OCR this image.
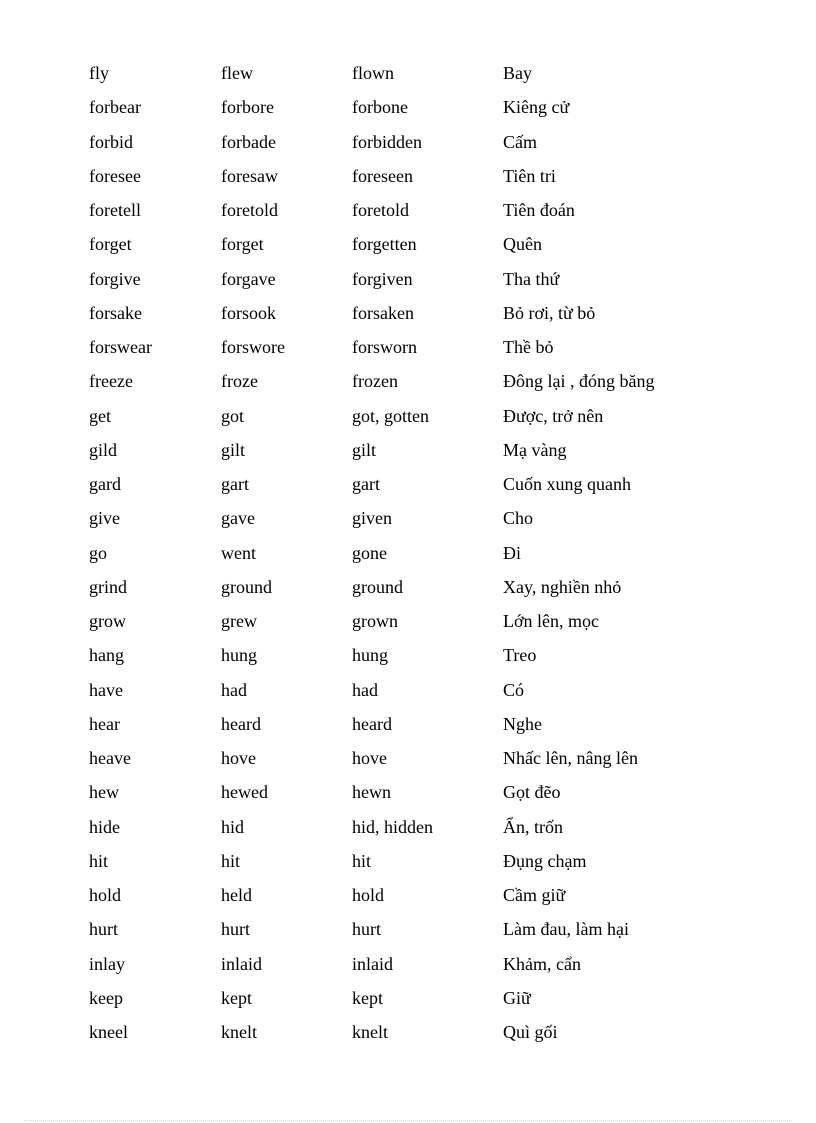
fly	flew	flown	Bay
forbear	forbore	forbone	Kiêng cử
forbid	forbade	forbidden	Cấm
foresee	foresaw	foreseen	Tiên tri
foretell	foretold	foretold	Tiên đoán
forget	forget	forgetten	Quên
forgive	forgave	forgiven	Tha thứ
forsake	forsook	forsaken	Bỏ rơi, từ bỏ
forswear	forswore	forsworn	Thề bỏ
freeze	froze	frozen	Đông lại , đóng băng
get	got	got, gotten	Được, trở nên
gild	gilt	gilt	Mạ vàng
gard	gart	gart	Cuốn xung quanh
give	gave	given	Cho
go	went	gone	Đi
grind	ground	ground	Xay, nghiền nhỏ
grow	grew	grown	Lớn lên, mọc
hang	hung	hung	Treo
have	had	had	Có
hear	heard	heard	Nghe
heave	hove	hove	Nhấc lên, nâng lên
hew	hewed	hewn	Gọt đẽo
hide	hid	hid, hidden	Ẩn, trốn
hit	hit	hit	Đụng chạm
hold	held	hold	Cầm giữ
hurt	hurt	hurt	Làm đau, làm hại
inlay	inlaid	inlaid	Khảm, cẩn
keep	kept	kept	Giữ
kneel	knelt	knelt	Quì gối
